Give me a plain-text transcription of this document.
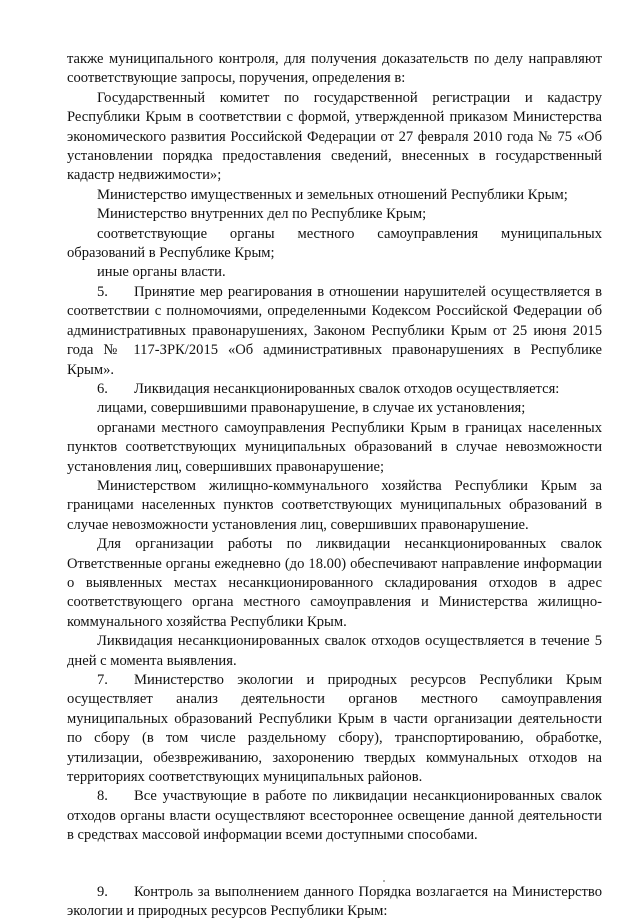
также муниципального контроля, для получения доказательств по делу направляют соответствующие запросы, поручения, определения в:

Государственный комитет по государственной регистрации и кадастру Республики Крым в соответствии с формой, утвержденной приказом Министерства экономического развития Российской Федерации от 27 февраля 2010 года № 75 «Об установлении порядка предоставления сведений, внесенных в государственный кадастр недвижимости»;

Министерство имущественных и земельных отношений Республики Крым;

Министерство внутренних дел по Республике Крым;

соответствующие органы местного самоуправления муниципальных образований в Республике Крым;

иные органы власти.

5. Принятие мер реагирования в отношении нарушителей осуществляется в соответствии с полномочиями, определенными Кодексом Российской Федерации об административных правонарушениях, Законом Республики Крым от 25 июня 2015 года № 117-ЗРК/2015 «Об административных правонарушениях в Республике Крым».

6. Ликвидация несанкционированных свалок отходов осуществляется:

лицами, совершившими правонарушение, в случае их установления;

органами местного самоуправления Республики Крым в границах населенных пунктов соответствующих муниципальных образований в случае невозможности установления лиц, совершивших правонарушение;

Министерством жилищно-коммунального хозяйства Республики Крым за границами населенных пунктов соответствующих муниципальных образований в случае невозможности установления лиц, совершивших правонарушение.

Для организации работы по ликвидации несанкционированных свалок Ответственные органы ежедневно (до 18.00) обеспечивают направление информации о выявленных местах несанкционированного складирования отходов в адрес соответствующего органа местного самоуправления и Министерства жилищно-коммунального хозяйства Республики Крым.

Ликвидация несанкционированных свалок отходов осуществляется в течение 5 дней с момента выявления.

7. Министерство экологии и природных ресурсов Республики Крым осуществляет анализ деятельности органов местного самоуправления муниципальных образований Республики Крым в части организации деятельности по сбору (в том числе раздельному сбору), транспортированию, обработке, утилизации, обезвреживанию, захоронению твердых коммунальных отходов на территориях соответствующих муниципальных районов.

8. Все участвующие в работе по ликвидации несанкционированных свалок отходов органы власти осуществляют всестороннее освещение данной деятельности в средствах массовой информации всеми доступными способами.

9. Контроль за выполнением данного Порядка возлагается на Министерство экологии и природных ресурсов Республики Крым:
